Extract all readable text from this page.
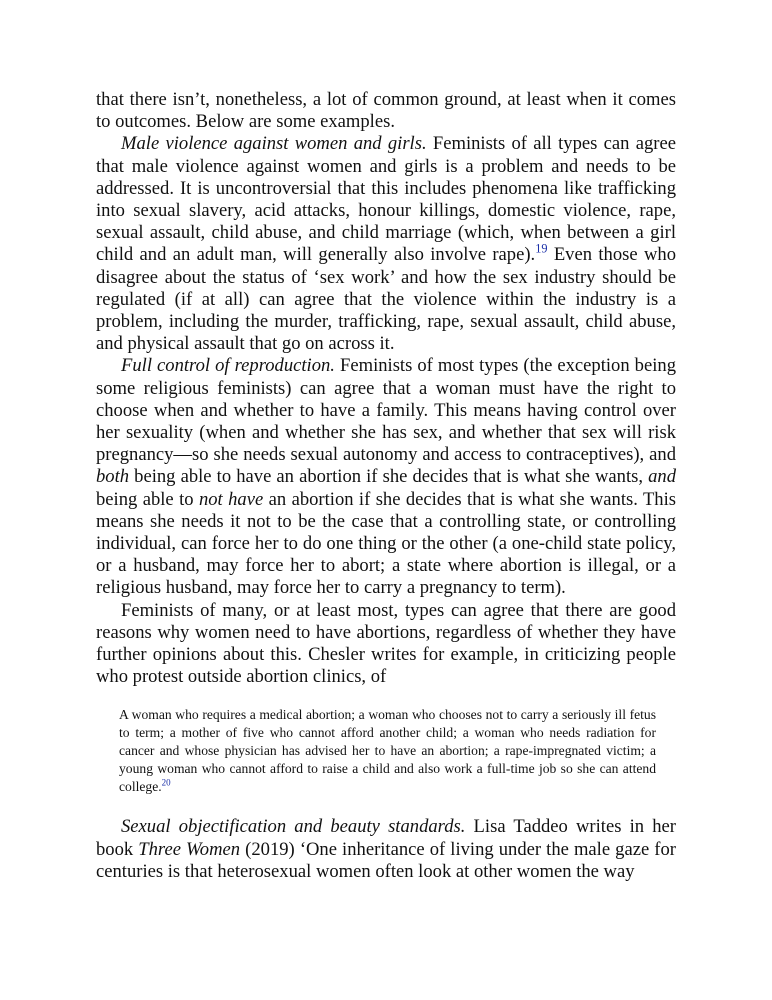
that there isn’t, nonetheless, a lot of common ground, at least when it comes to outcomes. Below are some examples.

Male violence against women and girls. Feminists of all types can agree that male violence against women and girls is a problem and needs to be addressed. It is uncontroversial that this includes phenomena like trafficking into sexual slavery, acid attacks, honour killings, domestic violence, rape, sexual assault, child abuse, and child marriage (which, when between a girl child and an adult man, will generally also involve rape).$^{19}$ Even those who disagree about the status of ‘sex work’ and how the sex industry should be regulated (if at all) can agree that the violence within the industry is a problem, including the murder, trafficking, rape, sexual assault, child abuse, and physical assault that go on across it.

Full control of reproduction. Feminists of most types (the exception being some religious feminists) can agree that a woman must have the right to choose when and whether to have a family. This means having control over her sexuality (when and whether she has sex, and whether that sex will risk pregnancy—so she needs sexual autonomy and access to contraceptives), and both being able to have an abortion if she decides that is what she wants, and being able to not have an abortion if she decides that is what she wants. This means she needs it not to be the case that a controlling state, or controlling individual, can force her to do one thing or the other (a one-child state policy, or a husband, may force her to abort; a state where abortion is illegal, or a religious husband, may force her to carry a pregnancy to term).

Feminists of many, or at least most, types can agree that there are good reasons why women need to have abortions, regardless of whether they have further opinions about this. Chesler writes for example, in criticizing people who protest outside abortion clinics, of

A woman who requires a medical abortion; a woman who chooses not to carry a seriously ill fetus to term; a mother of five who cannot afford another child; a woman who needs radiation for cancer and whose physician has advised her to have an abortion; a rape-impregnated victim; a young woman who cannot afford to raise a child and also work a full-time job so she can attend college.$^{20}$

Sexual objectification and beauty standards. Lisa Taddeo writes in her book Three Women (2019) ‘One inheritance of living under the male gaze for centuries is that heterosexual women often look at other women the way
